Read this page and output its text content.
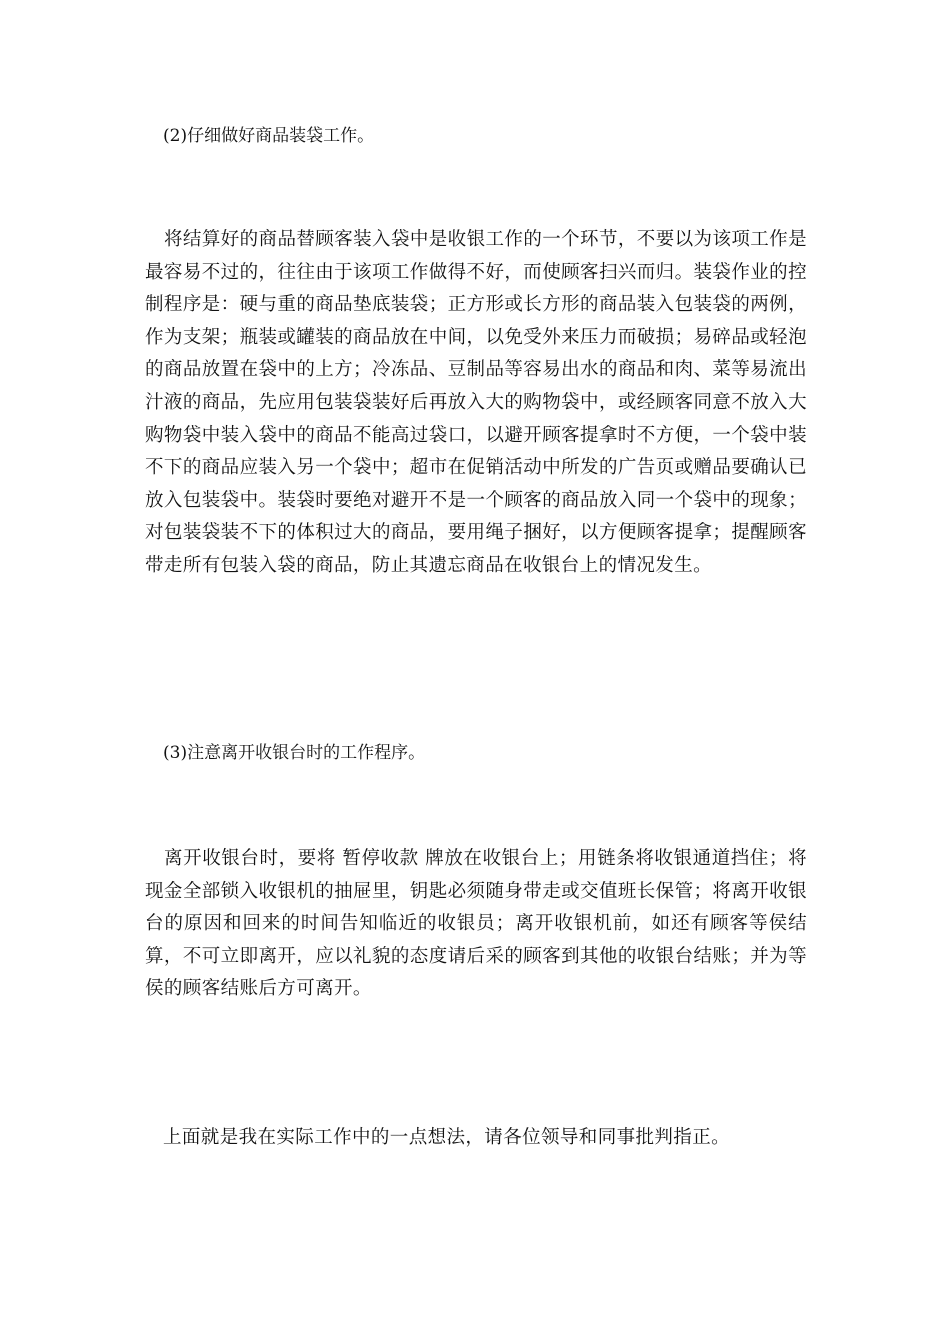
(2)仔细做好商品装袋工作。
将结算好的商品替顾客装入袋中是收银工作的一个环节，不要以为该项工作是最容易不过的，往往由于该项工作做得不好，而使顾客扫兴而归。装袋作业的控制程序是：硬与重的商品垫底装袋；正方形或长方形的商品装入包装袋的两例，作为支架；瓶装或罐装的商品放在中间，以免受外来压力而破损；易碎品或轻泡的商品放置在袋中的上方；冷冻品、豆制品等容易出水的商品和肉、菜等易流出汁液的商品，先应用包装袋装好后再放入大的购物袋中，或经顾客同意不放入大购物袋中装入袋中的商品不能高过袋口，以避开顾客提拿时不方便，一个袋中装不下的商品应装入另一个袋中；超市在促销活动中所发的广告页或赠品要确认已放入包装袋中。装袋时要绝对避开不是一个顾客的商品放入同一个袋中的现象；对包装袋装不下的体积过大的商品，要用绳子捆好，以方便顾客提拿；提醒顾客带走所有包装入袋的商品，防止其遗忘商品在收银台上的情况发生。
(3)注意离开收银台时的工作程序。
离开收银台时，要将 暂停收款 牌放在收银台上；用链条将收银通道挡住；将现金全部锁入收银机的抽屉里，钥匙必须随身带走或交值班长保管；将离开收银台的原因和回来的时间告知临近的收银员；离开收银机前，如还有顾客等侯结算，不可立即离开，应以礼貌的态度请后采的顾客到其他的收银台结账；并为等侯的顾客结账后方可离开。
上面就是我在实际工作中的一点想法，请各位领导和同事批判指正。
